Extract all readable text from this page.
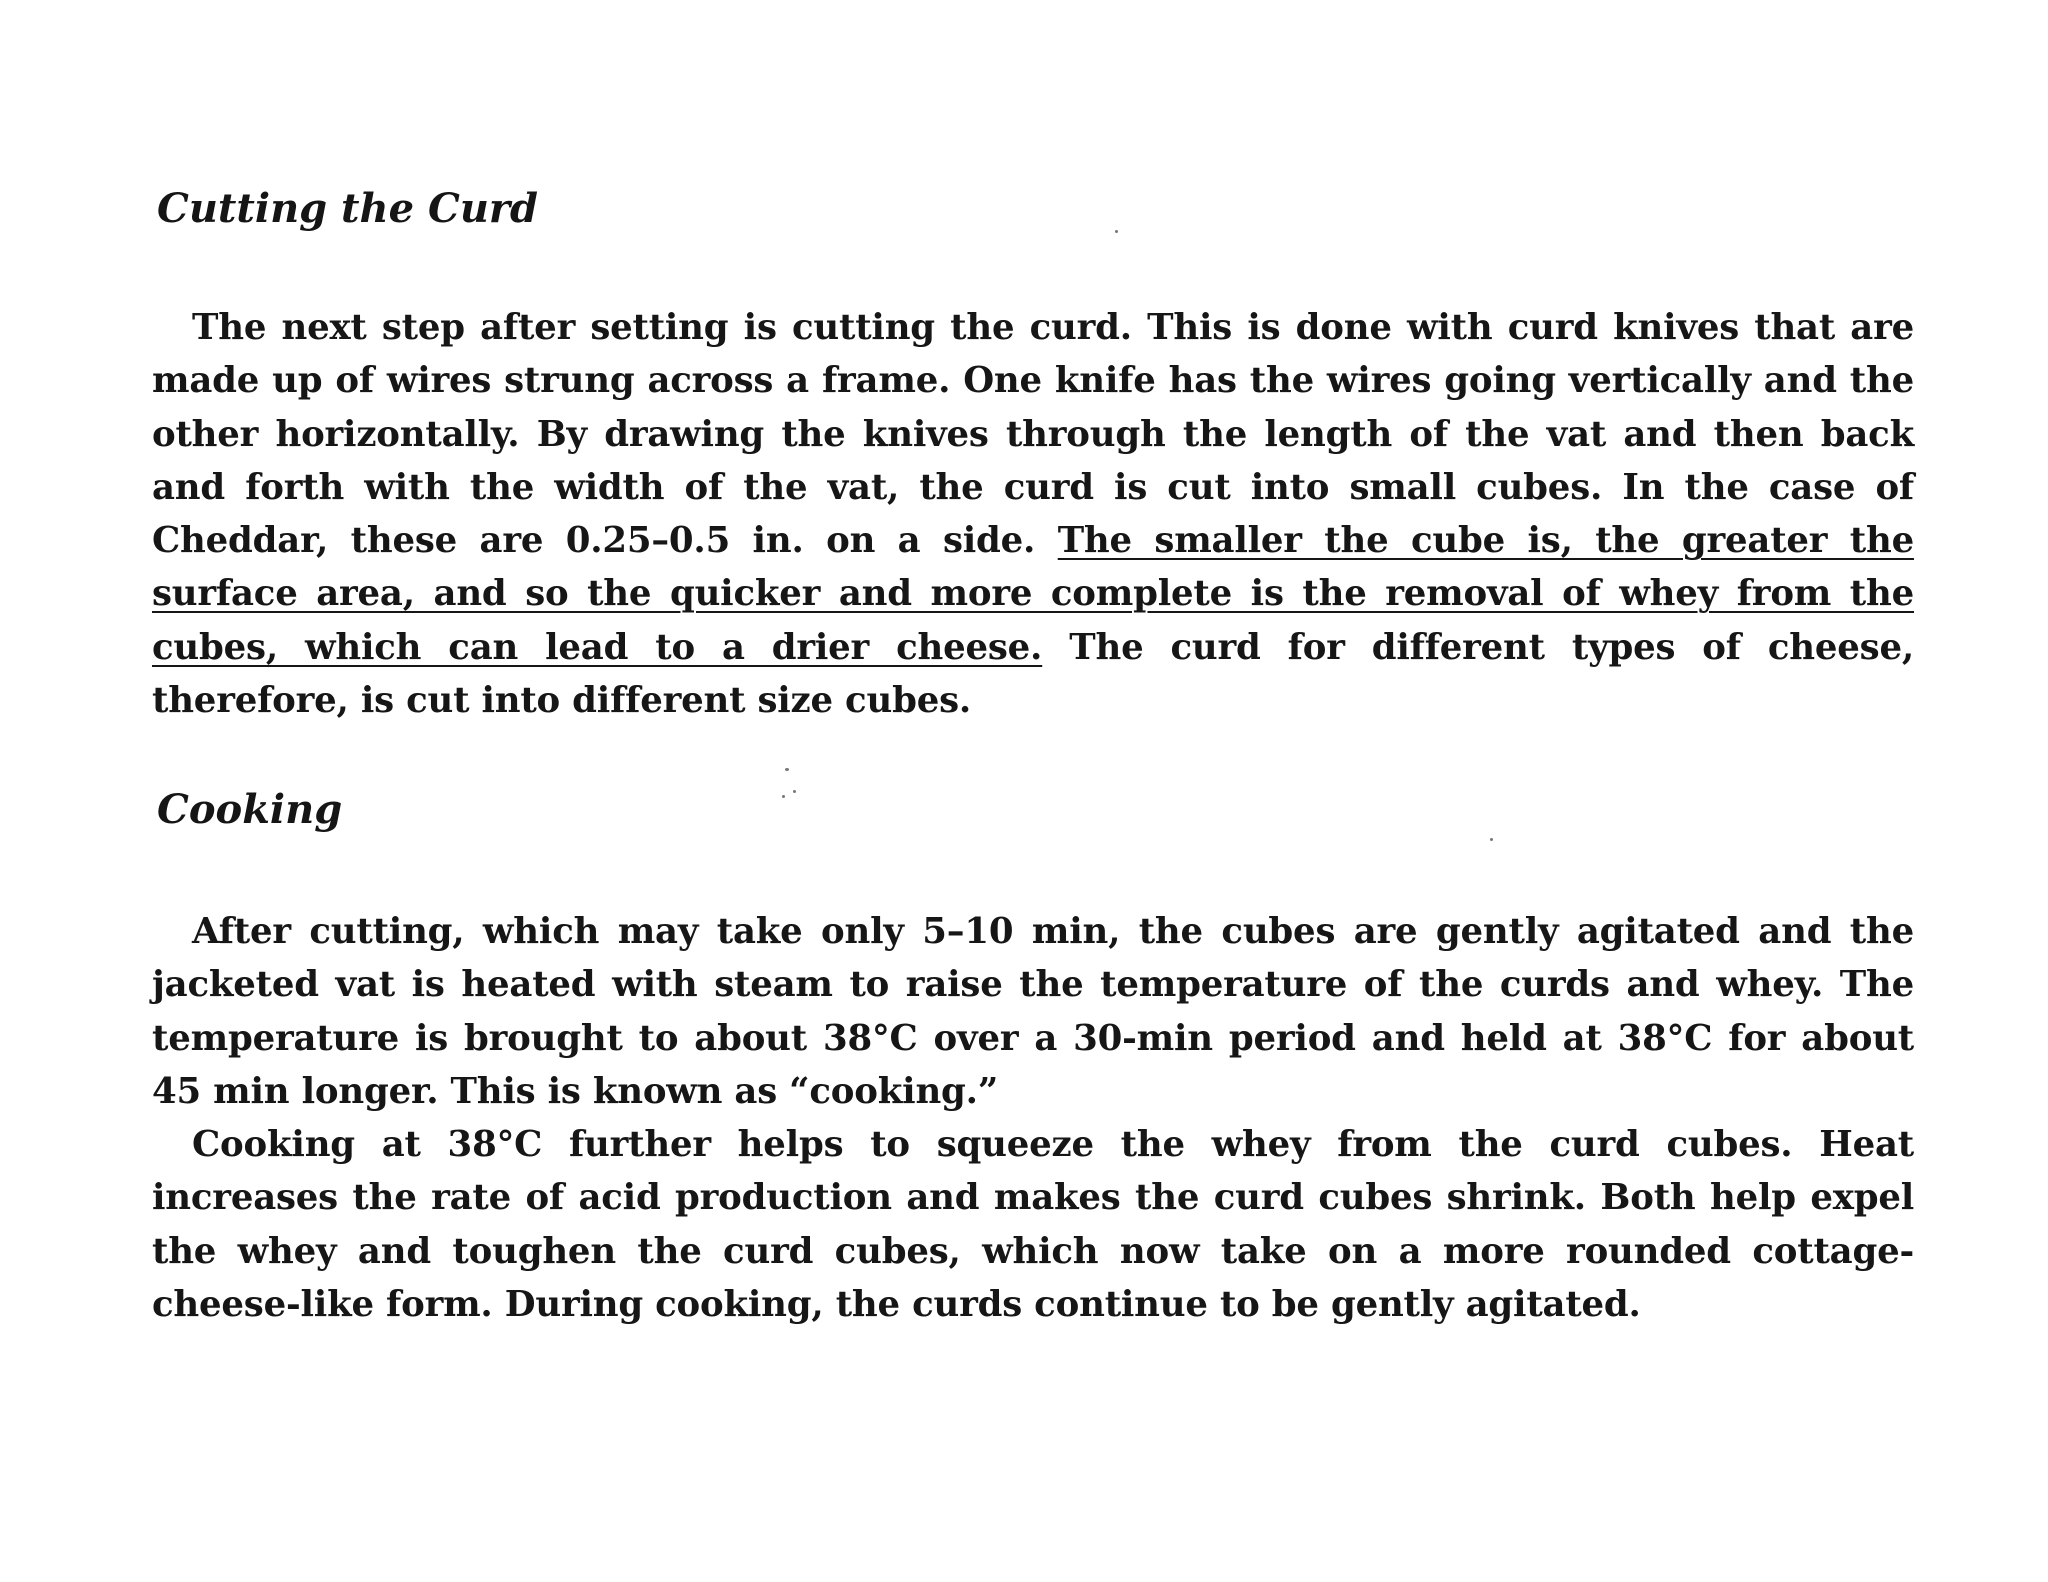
Cutting the Curd

The next step after setting is cutting the curd. This is done with curd knives that are made up of wires strung across a frame. One knife has the wires going vertically and the other horizontally. By drawing the knives through the length of the vat and then back and forth with the width of the vat, the curd is cut into small cubes. In the case of Cheddar, these are 0.25–0.5 in. on a side. The smaller the cube is, the greater the surface area, and so the quicker and more complete is the removal of whey from the cubes, which can lead to a drier cheese. The curd for different types of cheese, therefore, is cut into different size cubes.

Cooking

After cutting, which may take only 5–10 min, the cubes are gently agitated and the jacketed vat is heated with steam to raise the temperature of the curds and whey. The temperature is brought to about 38°C over a 30-min period and held at 38°C for about 45 min longer. This is known as “cooking.”

Cooking at 38°C further helps to squeeze the whey from the curd cubes. Heat increases the rate of acid production and makes the curd cubes shrink. Both help expel the whey and toughen the curd cubes, which now take on a more rounded cottage-cheese-like form. During cooking, the curds continue to be gently agitated.
